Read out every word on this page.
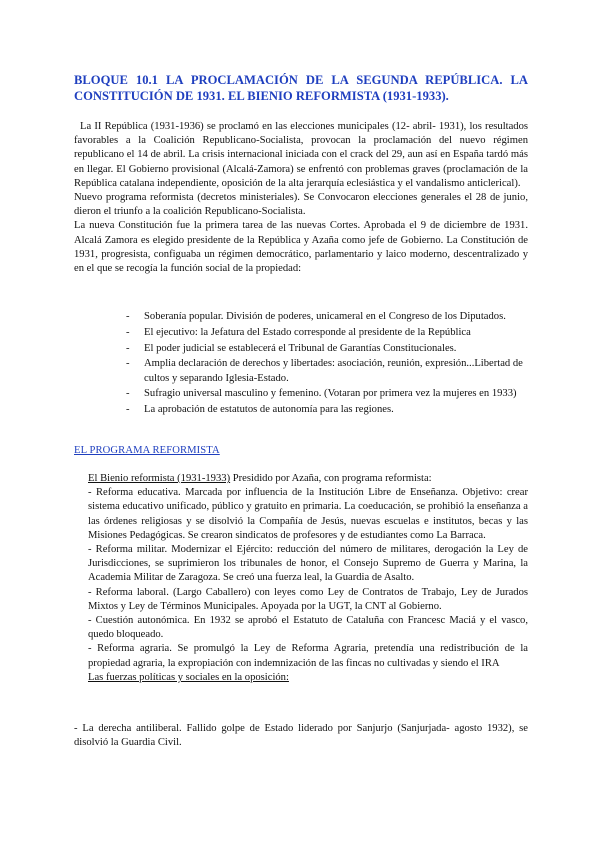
BLOQUE 10.1 LA PROCLAMACIÓN DE LA SEGUNDA REPÚBLICA. LA CONSTITUCIÓN DE 1931. EL BIENIO REFORMISTA (1931-1933).

La II República (1931-1936) se proclamó en las elecciones municipales (12- abril- 1931), los resultados favorables a la Coalición Republicano-Socialista, provocan la proclamación del nuevo régimen republicano el 14 de abril. La crisis internacional iniciada con el crack del 29, aun así en España tardó más en llegar. El Gobierno provisional (Alcalá-Zamora) se enfrentó con problemas graves (proclamación de la República catalana independiente, oposición de la alta jerarquía eclesiástica y el vandalismo anticlerical).

Nuevo programa reformista (decretos ministeriales). Se Convocaron elecciones generales el 28 de junio, dieron el triunfo a la coalición Republicano-Socialista.

La nueva Constitución fue la primera tarea de las nuevas Cortes. Aprobada el 9 de diciembre de 1931. Alcalá Zamora es elegido presidente de la República y Azaña como jefe de Gobierno. La Constitución de 1931, progresista, configuaba un régimen democrático, parlamentario y laico moderno, descentralizado y en el que se recogía la función social de la propiedad:

- Soberanía popular. División de poderes, unicameral en el Congreso de los Diputados.
- El ejecutivo: la Jefatura del Estado corresponde al presidente de la República
- El poder judicial se establecerá el Tribunal de Garantías Constitucionales.
- Amplia declaración de derechos y libertades: asociación, reunión, expresión...Libertad de cultos y separando Iglesia-Estado.
- Sufragio universal masculino y femenino. (Votaran por primera vez la mujeres en 1933)
- La aprobación de estatutos de autonomía para las regiones.

EL PROGRAMA REFORMISTA

El Bienio reformista (1931-1933) Presidido por Azaña, con programa reformista:

- Reforma educativa. Marcada por influencia de la Institución Libre de Enseñanza. Objetivo: crear sistema educativo unificado, público y gratuito en primaria. La coeducación, se prohibió la enseñanza a las órdenes religiosas y se disolvió la Compañía de Jesús, nuevas escuelas e institutos, becas y las Misiones Pedagógicas. Se crearon sindicatos de profesores y de estudiantes como La Barraca.

- Reforma militar. Modernizar el Ejército: reducción del número de militares, derogación la Ley de Jurisdicciones, se suprimieron los tribunales de honor, el Consejo Supremo de Guerra y Marina, la Academia Militar de Zaragoza. Se creó una fuerza leal, la Guardia de Asalto.

- Reforma laboral. (Largo Caballero) con leyes como Ley de Contratos de Trabajo, Ley de Jurados Mixtos y Ley de Términos Municipales. Apoyada por la UGT, la CNT al Gobierno.

- Cuestión autonómica. En 1932 se aprobó el Estatuto de Cataluña con Francesc Maciá y el vasco, quedo bloqueado.

- Reforma agraria. Se promulgó la Ley de Reforma Agraria, pretendía una redistribución de la propiedad agraria, la expropiación con indemnización de las fincas no cultivadas y siendo el IRA

Las fuerzas políticas y sociales en la oposición:

- La derecha antiliberal. Fallido golpe de Estado liderado por Sanjurjo (Sanjurjada- agosto 1932), se disolvió la Guardia Civil.
